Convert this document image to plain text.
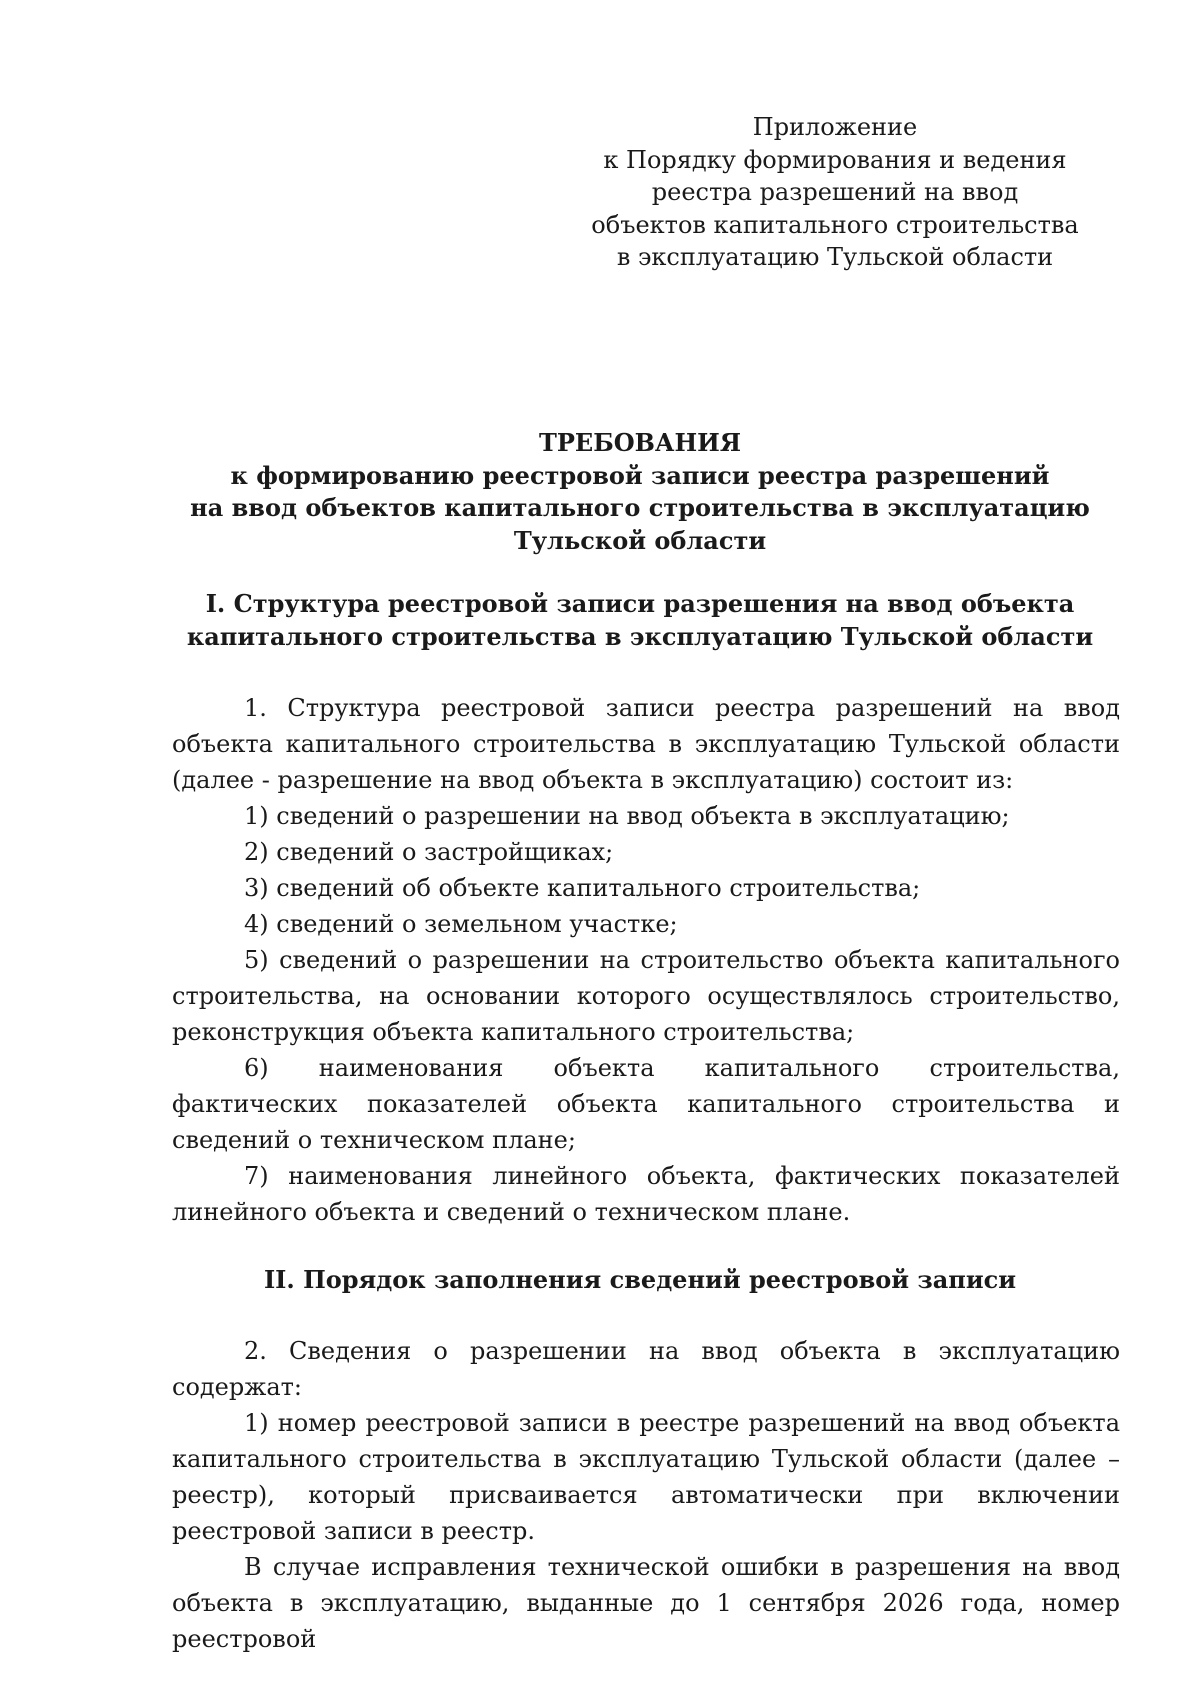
Приложение
к Порядку формирования и ведения
реестра разрешений на ввод
объектов капитального строительства
в эксплуатацию Тульской области
ТРЕБОВАНИЯ
к формированию реестровой записи реестра разрешений
на ввод объектов капитального строительства в эксплуатацию
Тульской области
I. Структура реестровой записи разрешения на ввод объекта
капитального строительства в эксплуатацию Тульской области

1. Структура реестровой записи реестра разрешений на ввод объекта капитального строительства в эксплуатацию Тульской области (далее - разрешение на ввод объекта в эксплуатацию) состоит из:

1) сведений о разрешении на ввод объекта в эксплуатацию;

2) сведений о застройщиках;

3) сведений об объекте капитального строительства;

4) сведений о земельном участке;

5) сведений о разрешении на строительство объекта капитального строительства, на основании которого осуществлялось строительство, реконструкция объекта капитального строительства;

6) наименования объекта капитального строительства, фактических показателей объекта капитального строительства и сведений о техническом плане;

7) наименования линейного объекта, фактических показателей линейного объекта и сведений о техническом плане.

II. Порядок заполнения сведений реестровой записи

2. Сведения о разрешении на ввод объекта в эксплуатацию содержат:

1) номер реестровой записи в реестре разрешений на ввод объекта капитального строительства в эксплуатацию Тульской области (далее – реестр), который присваивается автоматически при включении реестровой записи в реестр.

В случае исправления технической ошибки в разрешения на ввод объекта в эксплуатацию, выданные до 1 сентября 2026 года, номер реестровой
